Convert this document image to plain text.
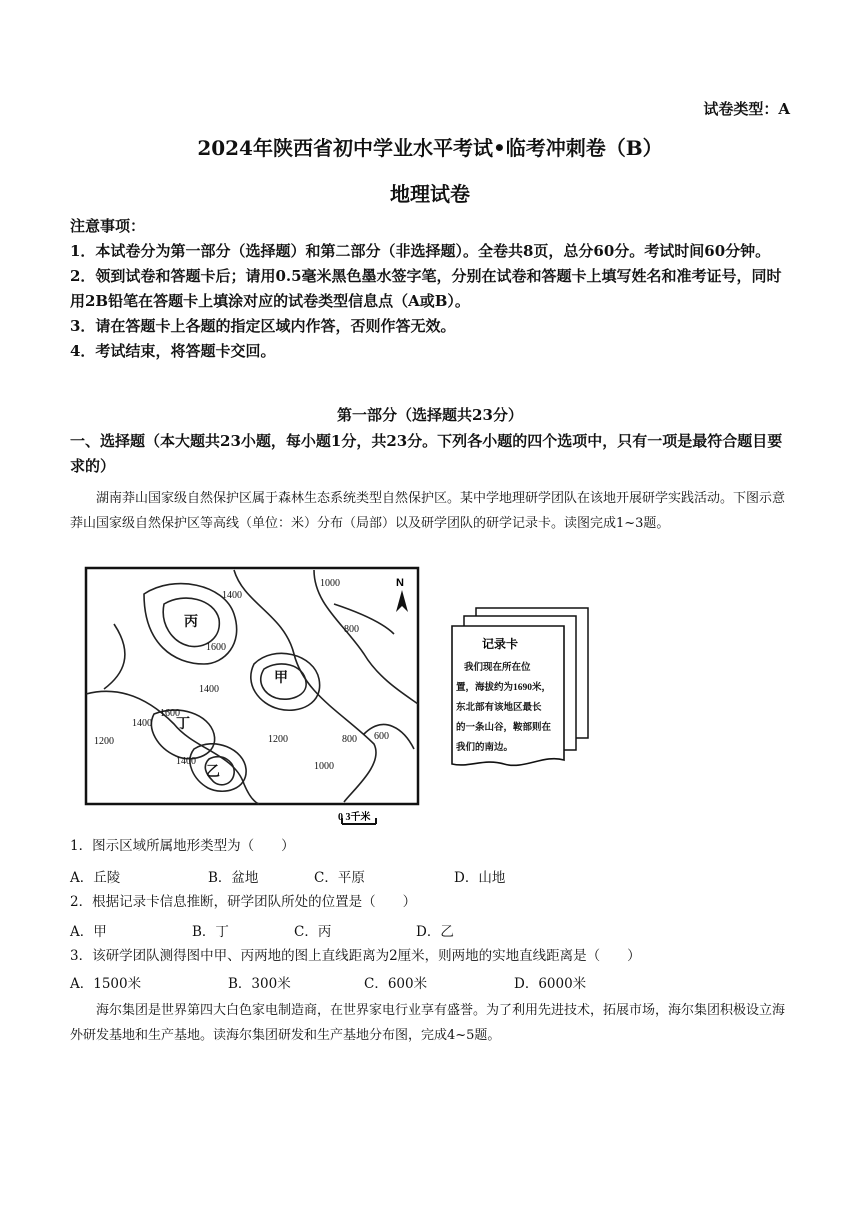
试卷类型：A
2024年陕西省初中学业水平考试•临考冲刺卷（B）
地理试卷

注意事项：

1．本试卷分为第一部分（选择题）和第二部分（非选择题）。全卷共8页，总分60分。考试时间60分钟。

2．领到试卷和答题卡后；请用0.5毫米黑色墨水签字笔，分别在试卷和答题卡上填写姓名和准考证号，同时用2B铅笔在答题卡上填涂对应的试卷类型信息点（A或B）。

3．请在答题卡上各题的指定区域内作答，否则作答无效。

4．考试结束，将答题卡交回。

第一部分（选择题共23分）
一、选择题（本大题共23小题，每小题1分，共23分。下列各小题的四个选项中，只有一项是最符合题目要求的）

湖南莽山国家级自然保护区属于森林生态系统类型自然保护区。某中学地理研学团队在该地开展研学实践活动。下图示意莽山国家级自然保护区等高线（单位：米）分布（局部）以及研学团队的研学记录卡。读图完成1~3题。

1000
1400
1600
1400
1200
1400
1600
800
600
800
1000
1200
1400
丙
甲
丁
乙
N
0 3千米
记录卡
我们现在所在位
置，海拔约为1690米，
东北部有该地区最长
的一条山谷，鞍部则在
我们的南边。
1．图示区域所属地形类型为（　　）
A．丘陵	B．盆地	C．平原	D．山地
2．根据记录卡信息推断，研学团队所处的位置是（　　）
A．甲	B．丁	C．丙	D．乙
3．该研学团队测得图中甲、丙两地的图上直线距离为2厘米，则两地的实地直线距离是（　　）
A．1500米	B．300米	C．600米	D．6000米

海尔集团是世界第四大白色家电制造商，在世界家电行业享有盛誉。为了利用先进技术，拓展市场，海尔集团积极设立海外研发基地和生产基地。读海尔集团研发和生产基地分布图，完成4~5题。
